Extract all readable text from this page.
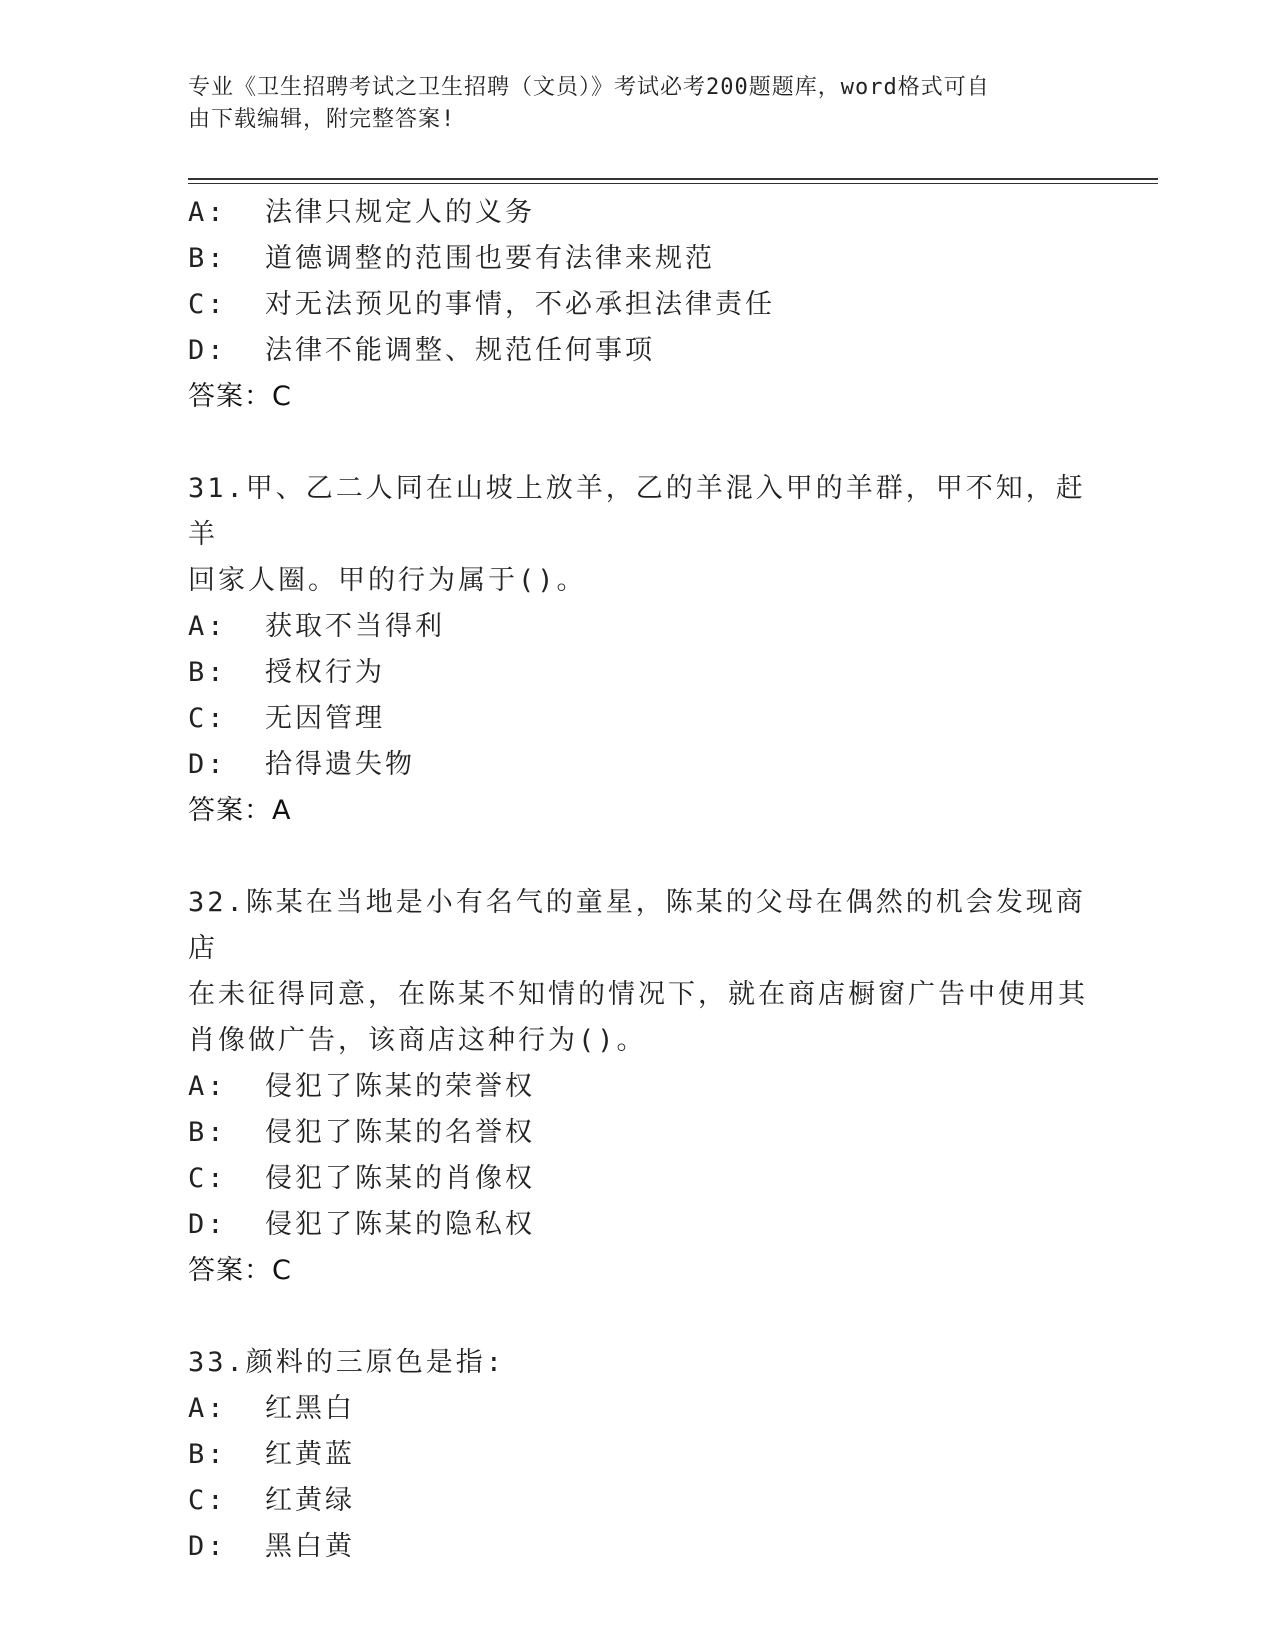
专业《卫生招聘考试之卫生招聘（文员）》考试必考200题题库，word格式可自
由下载编辑，附完整答案!
A:  法律只规定人的义务
B:  道德调整的范围也要有法律来规范
C:  对无法预见的事情，不必承担法律责任
D:  法律不能调整、规范任何事项
答案：C
31.甲、乙二人同在山坡上放羊，乙的羊混入甲的羊群，甲不知，赶羊
回家人圈。甲的行为属于()。
A:  获取不当得利
B:  授权行为
C:  无因管理
D:  拾得遗失物
答案：A
32.陈某在当地是小有名气的童星，陈某的父母在偶然的机会发现商店
在未征得同意，在陈某不知情的情况下，就在商店橱窗广告中使用其
肖像做广告，该商店这种行为()。
A:  侵犯了陈某的荣誉权
B:  侵犯了陈某的名誉权
C:  侵犯了陈某的肖像权
D:  侵犯了陈某的隐私权
答案：C
33.颜料的三原色是指:
A:  红黑白
B:  红黄蓝
C:  红黄绿
D:  黑白黄
